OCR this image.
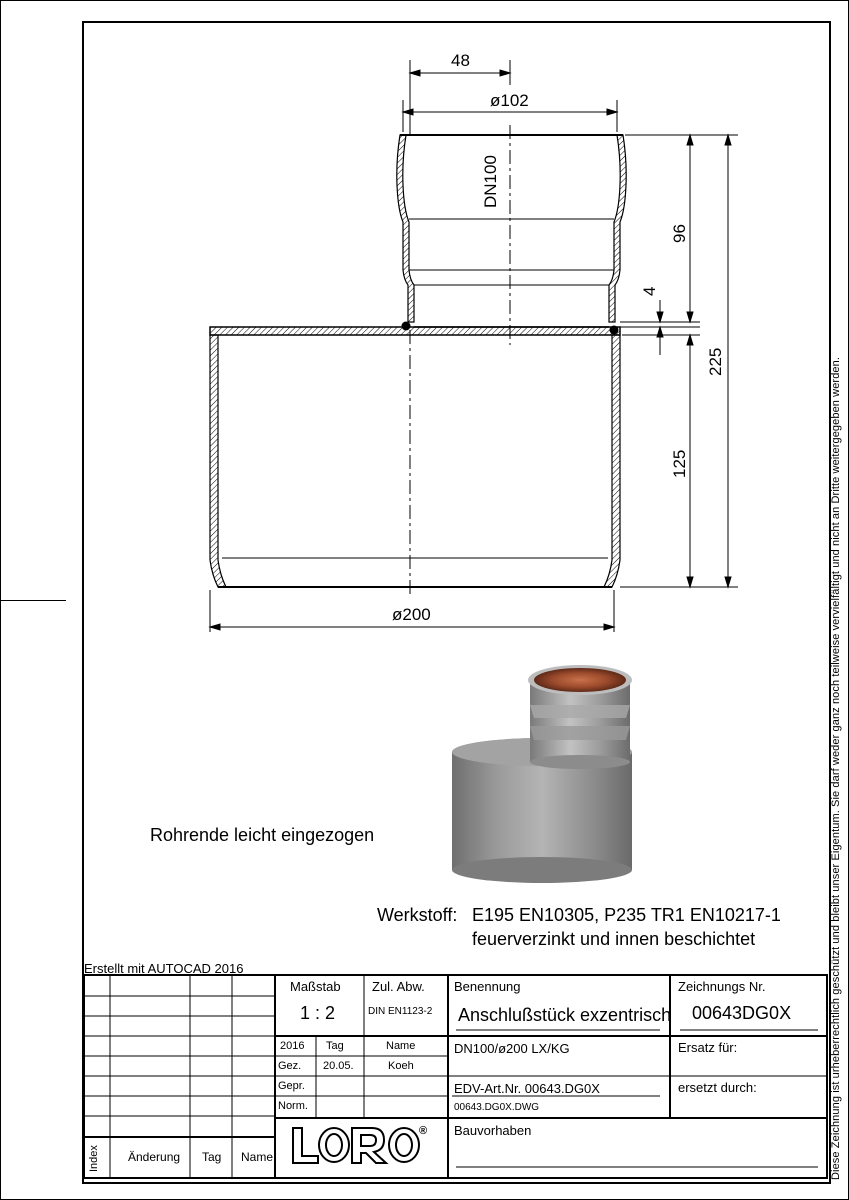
48
ø102
DN100
96
4
225
125
ø200
Rohrende leicht eingezogen
Werkstoff: E195 EN10305, P235 TR1 EN10217-1
feuerverzinkt und innen beschichtet
Erstellt mit AUTOCAD 2016	Diese Zeichnung ist urheberrechtlich geschützt und bleibt unser Eigentum. Sie darf weder ganz noch teilweise vervielfältigt und nicht an Dritte weitergegeben werden.
Maßstab
1 : 2
Zul. Abw.
DIN EN1123-2
Benennung
Anschlußstück exzentrisch
Zeichnungs Nr.
00643DG0X
2016 Tag	Name
Gez. 20.05.	Koeh
Gepr.
Norm.
DN100/ø200 LX/KG	Ersatz für:
ersetzt durch:
EDV-Art.Nr. 00643.DG0X
00643.DG0X.DWG
Bauvorhaben
Index Änderung Tag Name
®
